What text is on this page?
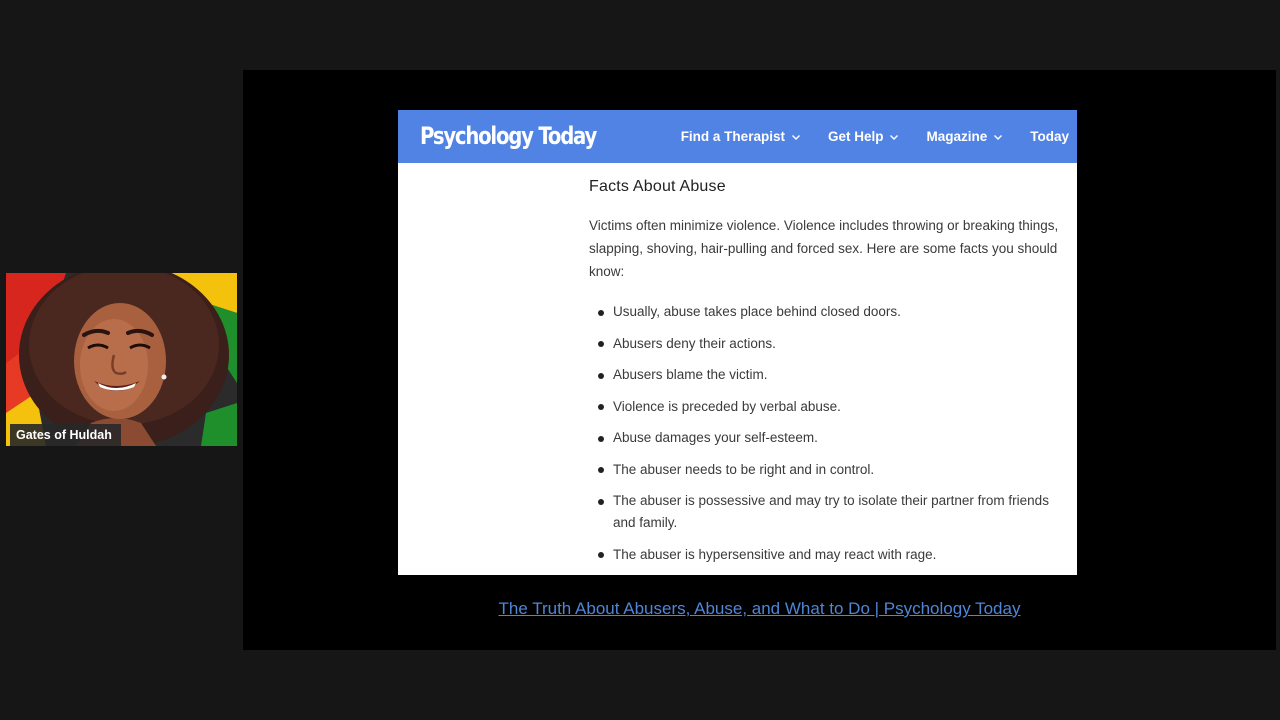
Psychology Today	Find a Therapist	Get Help	Magazine	Today
Facts About Abuse

Victims often minimize violence. Violence includes throwing or breaking things, slapping, shoving, hair-pulling and forced sex. Here are some facts you should know:

Usually, abuse takes place behind closed doors.
Abusers deny their actions.
Abusers blame the victim.
Violence is preceded by verbal abuse.
Abuse damages your self-esteem.
The abuser needs to be right and in control.
The abuser is possessive and may try to isolate their partner from friends and family.
The abuser is hypersensitive and may react with rage.
The Truth About Abusers, Abuse, and What to Do | Psychology Today
Gates of Huldah
